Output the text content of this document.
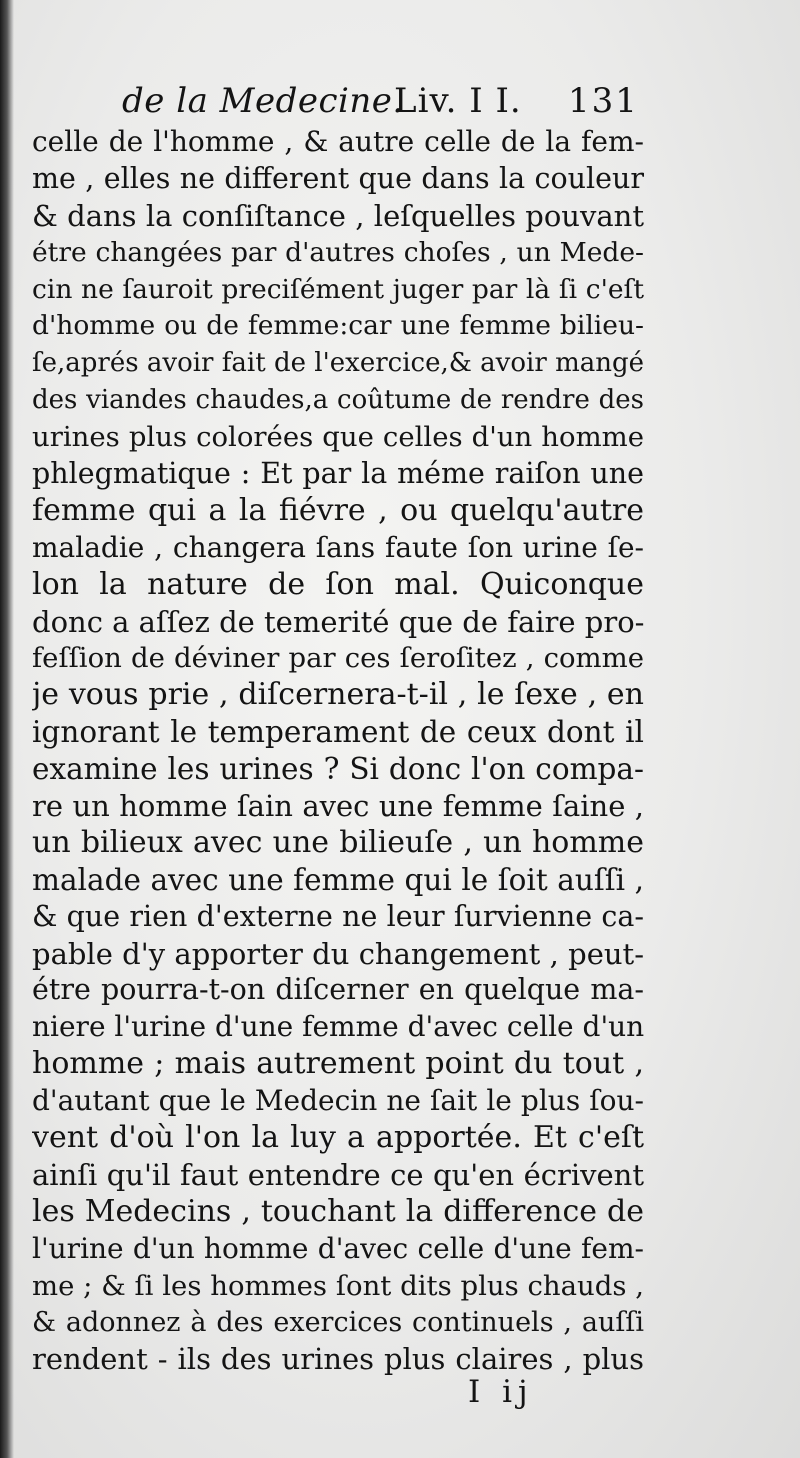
de la Medecine.
Liv. I I. 131
celle de l'homme , & autre celle de la fem-
me , elles ne different que dans la couleur
& dans la conſiſtance , leſquelles pouvant
étre changées par d'autres choſes , un Mede-
cin ne ſauroit preciſément juger par là ſi c'eſt
d'homme ou de femme:car une femme bilieu-
ſe,aprés avoir fait de l'exercice,& avoir mangé
des viandes chaudes,a coûtume de rendre des
urines plus colorées que celles d'un homme
phlegmatique : Et par la méme raiſon une
femme qui a la fiévre , ou quelqu'autre
maladie , changera ſans faute ſon urine ſe-
lon la nature de ſon mal. Quiconque
donc a aſſez de temerité que de faire pro-
feſſion de déviner par ces ſeroſitez , comme
je vous prie , diſcernera-t-il , le ſexe , en
ignorant le temperament de ceux dont il
examine les urines ? Si donc l'on compa-
re un homme ſain avec une femme ſaine ,
un bilieux avec une bilieuſe , un homme
malade avec une femme qui le ſoit auſſi ,
& que rien d'externe ne leur ſurvienne ca-
pable d'y apporter du changement , peut-
étre pourra-t-on diſcerner en quelque ma-
niere l'urine d'une femme d'avec celle d'un
homme ; mais autrement point du tout ,
d'autant que le Medecin ne ſait le plus ſou-
vent d'où l'on la luy a apportée. Et c'eſt
ainſi qu'il faut entendre ce qu'en écrivent
les Medecins , touchant la difference de
l'urine d'un homme d'avec celle d'une fem-
me ; & ſi les hommes ſont dits plus chauds ,
& adonnez à des exercices continuels , auſſi
rendent - ils des urines plus claires , plus
I ij
